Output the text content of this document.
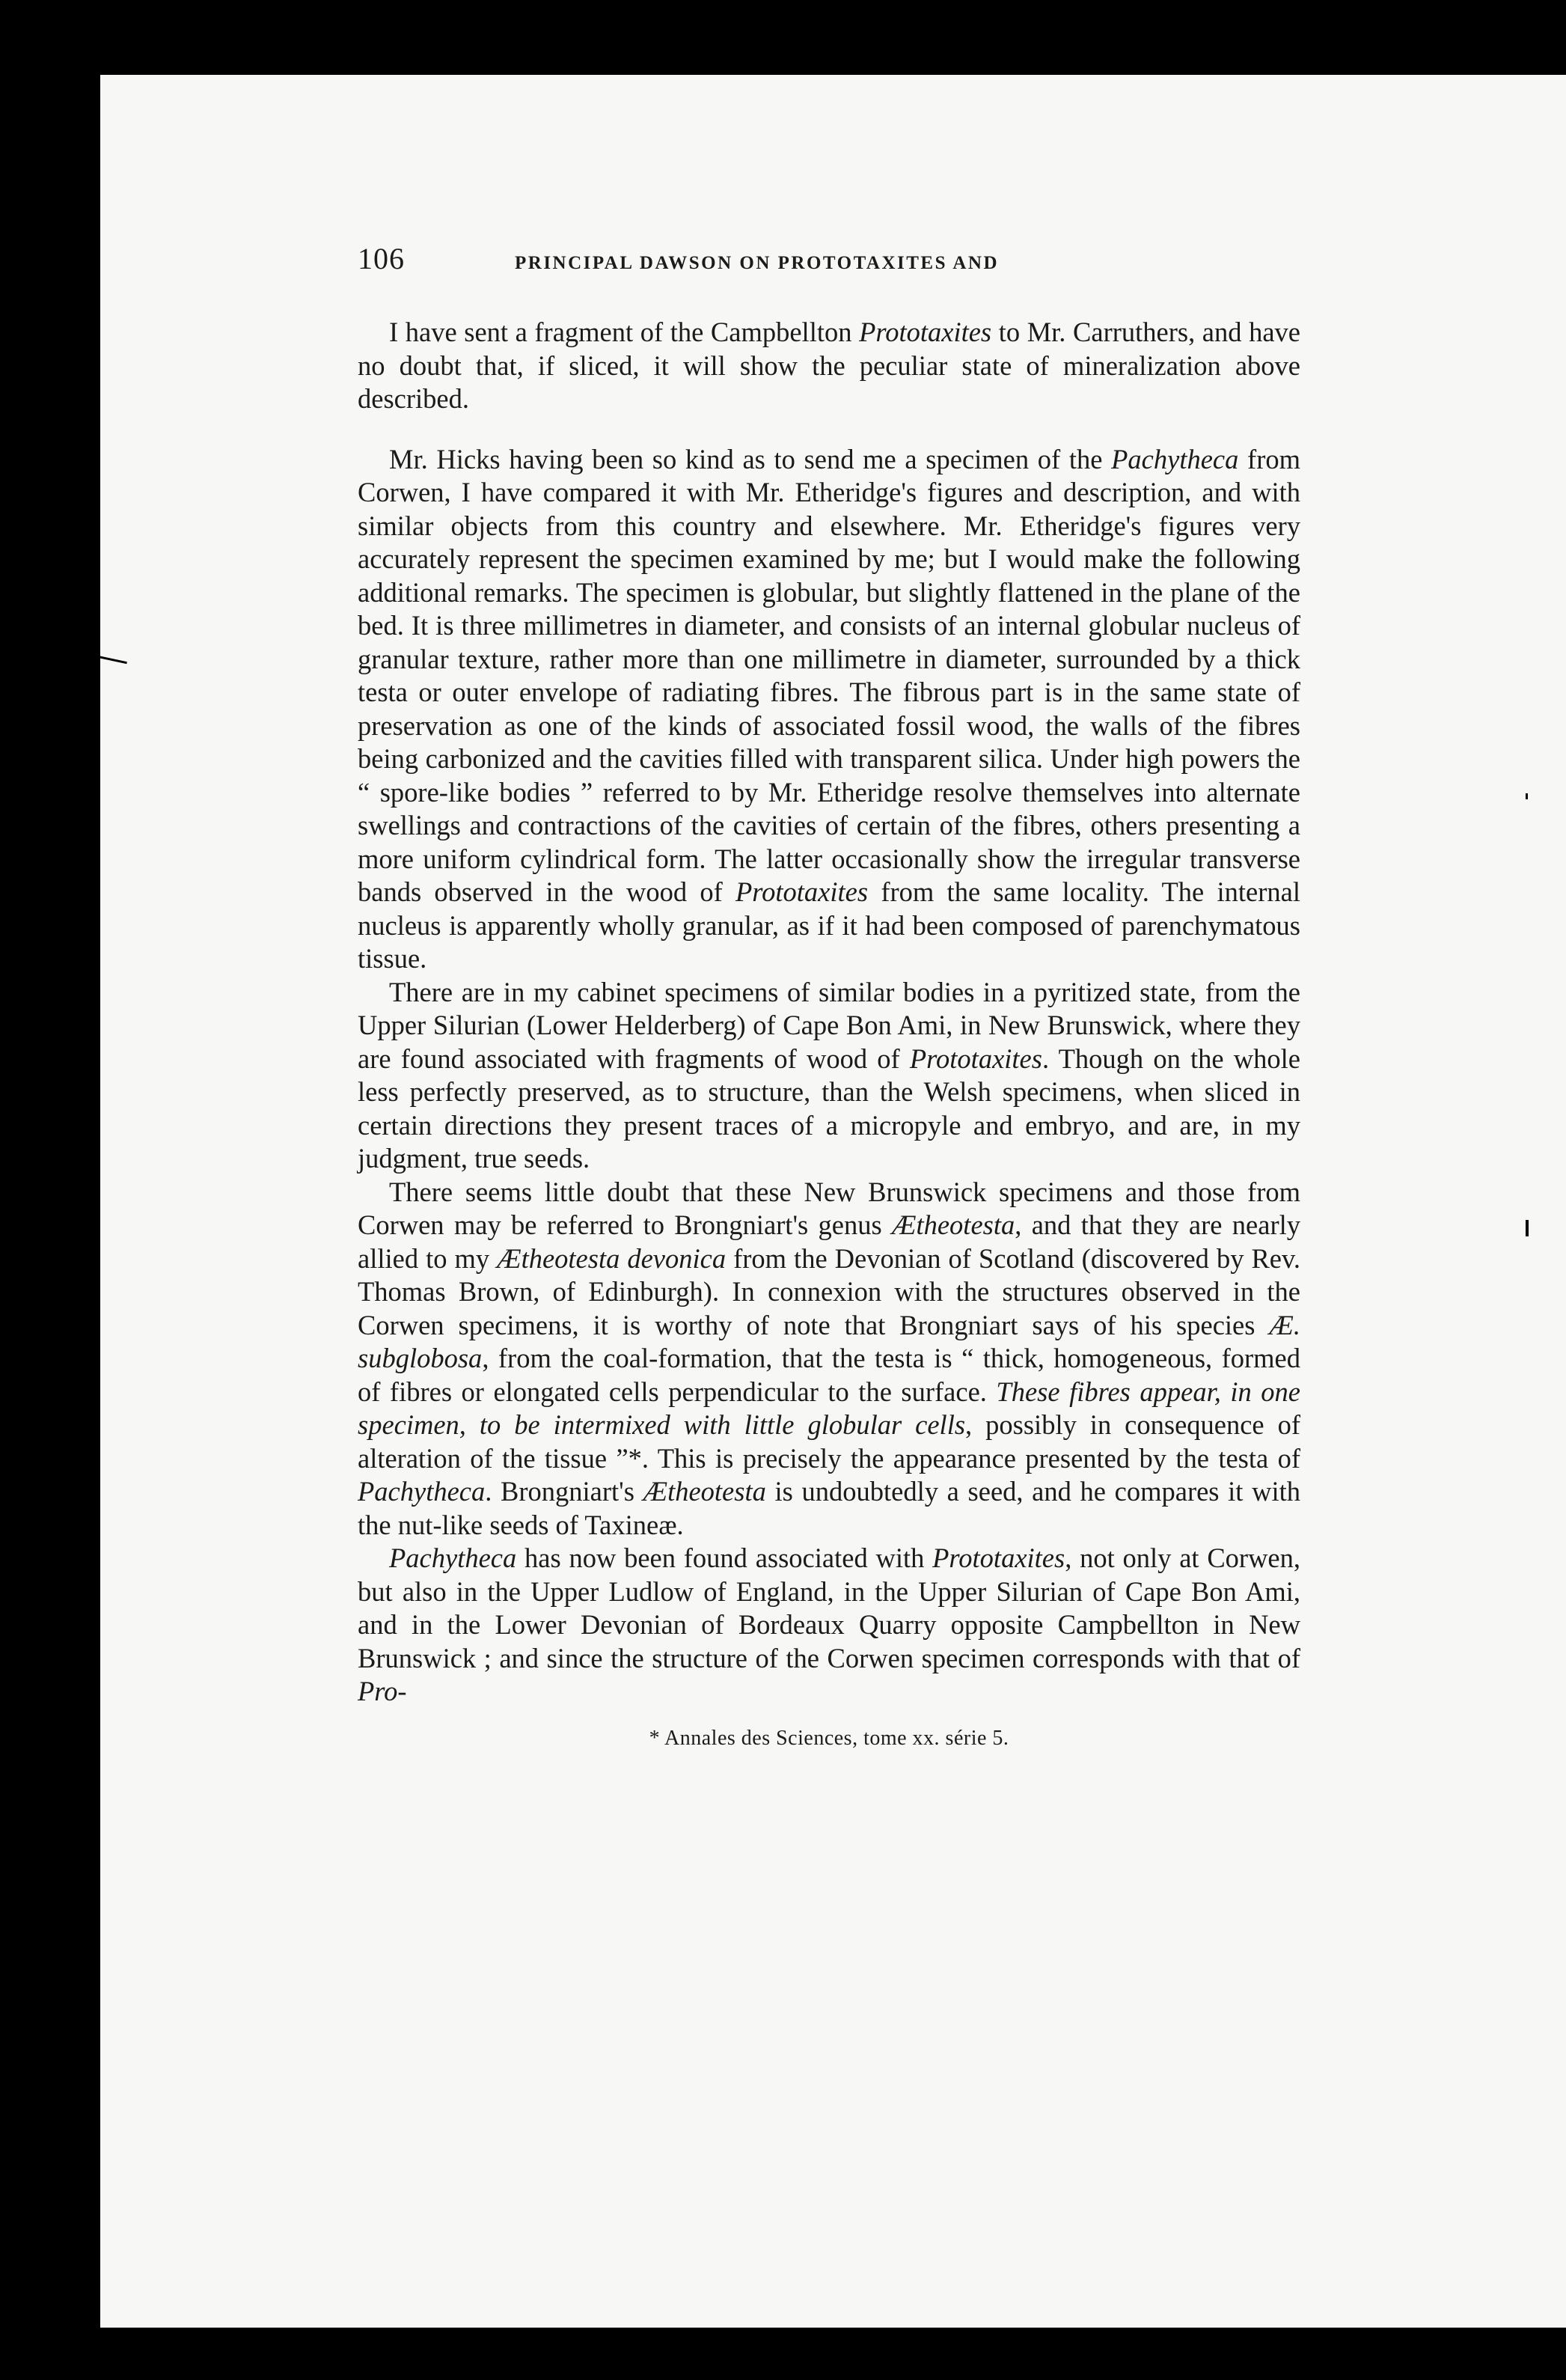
106	PRINCIPAL DAWSON ON PROTOTAXITES AND

I have sent a fragment of the Campbellton Prototaxites to Mr. Carruthers, and have no doubt that, if sliced, it will show the peculiar state of mineralization above described.

Mr. Hicks having been so kind as to send me a specimen of the Pachytheca from Corwen, I have compared it with Mr. Etheridge's figures and description, and with similar objects from this country and elsewhere. Mr. Etheridge's figures very accurately represent the specimen examined by me; but I would make the following additional remarks. The specimen is globular, but slightly flattened in the plane of the bed. It is three millimetres in diameter, and consists of an internal globular nucleus of granular texture, rather more than one millimetre in diameter, surrounded by a thick testa or outer envelope of radiating fibres. The fibrous part is in the same state of preservation as one of the kinds of associated fossil wood, the walls of the fibres being carbonized and the cavities filled with transparent silica. Under high powers the “ spore-like bodies ” referred to by Mr. Etheridge resolve themselves into alternate swellings and contractions of the cavities of certain of the fibres, others presenting a more uniform cylindrical form. The latter occasionally show the irregular transverse bands observed in the wood of Prototaxites from the same locality. The internal nucleus is apparently wholly granular, as if it had been composed of parenchymatous tissue.

There are in my cabinet specimens of similar bodies in a pyritized state, from the Upper Silurian (Lower Helderberg) of Cape Bon Ami, in New Brunswick, where they are found associated with fragments of wood of Prototaxites. Though on the whole less perfectly preserved, as to structure, than the Welsh specimens, when sliced in certain directions they present traces of a micropyle and embryo, and are, in my judgment, true seeds.

There seems little doubt that these New Brunswick specimens and those from Corwen may be referred to Brongniart's genus Ætheotesta, and that they are nearly allied to my Ætheotesta devonica from the Devonian of Scotland (discovered by Rev. Thomas Brown, of Edinburgh). In connexion with the structures observed in the Corwen specimens, it is worthy of note that Brongniart says of his species Æ. subglobosa, from the coal-formation, that the testa is “ thick, homogeneous, formed of fibres or elongated cells perpendicular to the surface. These fibres appear, in one specimen, to be intermixed with little globular cells, possibly in consequence of alteration of the tissue ”*. This is precisely the appearance presented by the testa of Pachytheca. Brongniart's Ætheotesta is undoubtedly a seed, and he compares it with the nut-like seeds of Taxineæ.

Pachytheca has now been found associated with Prototaxites, not only at Corwen, but also in the Upper Ludlow of England, in the Upper Silurian of Cape Bon Ami, and in the Lower Devonian of Bordeaux Quarry opposite Campbellton in New Brunswick ; and since the structure of the Corwen specimen corresponds with that of Pro-

* Annales des Sciences, tome xx. série 5.
